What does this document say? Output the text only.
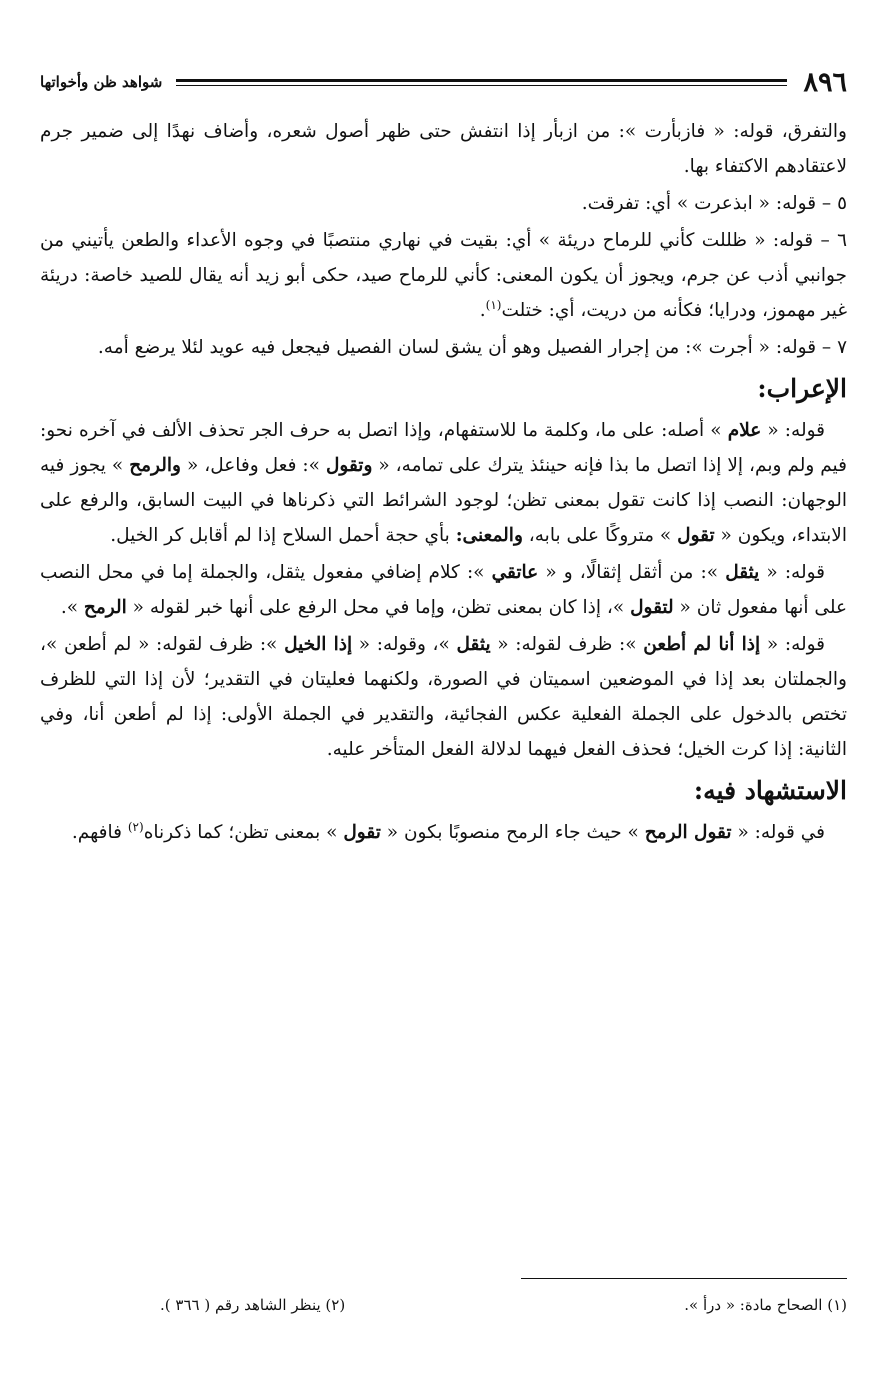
٨٩٦
شواهد ظن وأخواتها

والتفرق، قوله: « فازبأرت »: من ازبأر إذا انتفش حتى ظهر أصول شعره، وأضاف نهدًا إلى ضمير جرم لاعتقادهم الاكتفاء بها.

٥ – قوله: « ابذعرت » أي: تفرقت.

٦ – قوله: « ظللت كأني للرماح دريئة » أي: بقيت في نهاري منتصبًا في وجوه الأعداء والطعن يأتيني من جوانبي أذب عن جرم، ويجوز أن يكون المعنى: كأني للرماح صيد، حكى أبو زيد أنه يقال للصيد خاصة: دريئة غير مهموز، ودرايا؛ فكأنه من دريت، أي: ختلت$^{(١)}$.

٧ – قوله: « أجرت »: من إجرار الفصيل وهو أن يشق لسان الفصيل فيجعل فيه عويد لئلا يرضع أمه.

الإعراب:

قوله: « علام » أصله: على ما، وكلمة ما للاستفهام، وإذا اتصل به حرف الجر تحذف الألف في آخره نحو: فيم ولم وبم، إلا إذا اتصل ما بذا فإنه حينئذ يترك على تمامه، « وتقول »: فعل وفاعل، « والرمح » يجوز فيه الوجهان: النصب إذا كانت تقول بمعنى تظن؛ لوجود الشرائط التي ذكرناها في البيت السابق، والرفع على الابتداء، ويكون « تقول » متروكًا على بابه، والمعنى: بأي حجة أحمل السلاح إذا لم أقابل كر الخيل.

قوله: « يثقل »: من أثقل إثقالًا، و « عاتقي »: كلام إضافي مفعول يثقل، والجملة إما في محل النصب على أنها مفعول ثان « لتقول »، إذا كان بمعنى تظن، وإما في محل الرفع على أنها خبر لقوله « الرمح ».

قوله: « إذا أنا لم أطعن »: ظرف لقوله: « يثقل »، وقوله: « إذا الخيل »: ظرف لقوله: « لم أطعن »، والجملتان بعد إذا في الموضعين اسميتان في الصورة، ولكنهما فعليتان في التقدير؛ لأن إذا التي للظرف تختص بالدخول على الجملة الفعلية عكس الفجائية، والتقدير في الجملة الأولى: إذا لم أطعن أنا، وفي الثانية: إذا كرت الخيل؛ فحذف الفعل فيهما لدلالة الفعل المتأخر عليه.

الاستشهاد فيه:

في قوله: « تقول الرمح » حيث جاء الرمح منصوبًا بكون « تقول » بمعنى تظن؛ كما ذكرناه$^{(٢)}$ فافهم.

(١) الصحاح مادة: « درأ ».
(٢) ينظر الشاهد رقم ( ٣٦٦ ).
